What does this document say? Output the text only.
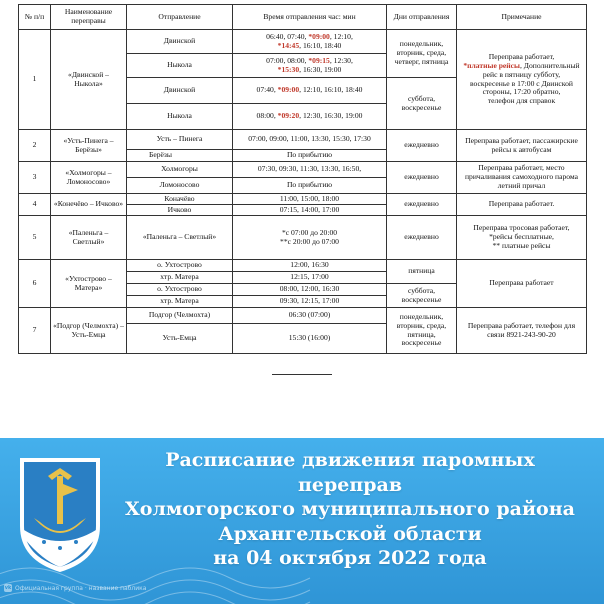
№ п/п	Наименование переправы	Отправление	Время отправления час: мин	Дни отправления	Примечание
1	«Двинской – Ныкола»	Двинской	06:40, 07:40, *09:00, 12:10,
*14:45, 16:10, 18:40	понедельник, вторник, среда, четверг, пятница	Переправа работает,
*платные рейсы, Дополнительный рейс в пятницу субботу,
воскресенье в 17:00 с Двинской стороны, 17:20 обратно,
телефон для справок
		Ныкола	07:00, 08:00, *09:15, 12:30,
*15:30, 16:30, 19:00		
		Двинской	07:40, *09:00, 12:10, 16:10, 18:40	суббота, воскресенье	
		Ныкола	08:00, *09:20, 12:30, 16:30, 19:00		
2	«Усть-Пинега – Берёзы»	Усть – Пинега	07:00, 09:00, 11:00, 13:30, 15:30, 17:30	ежедневно	Переправа работает, пассажирские рейсы к автобусам
		Берёзы	По прибытию		
3	«Холмогоры – Ломоносово»	Холмогоры	07:30, 09:30, 11:30, 13:30, 16:50,	ежедневно	Переправа работает, место причаливания самоходного парома летний причал
		Ломоносово	По прибытию		
4	«Конечёво – Ичково»	Коначёво	11:00, 15:00, 18:00	ежедневно	Переправа работает.
		Ичково	07:15, 14:00, 17:00		
5	«Паленьга – Светлый»	«Паленьга – Светлый»	*с 07:00 до 20:00
**с 20:00 до 07:00	ежедневно	Переправа тросовая работает,
*рейсы бесплатные,
** платные рейсы
6	«Ухтострово – Матера»	о. Ухтострово	12:00, 16:30	пятница	Переправа работает
		хтр. Матера	12:15, 17:00		
		о. Ухтострово	08:00, 12:00, 16:30	суббота, воскресенье	
		хтр. Матера	09:30, 12:15, 17:00		
7	«Подгор (Челмохта) – Усть-Емца	Подгор (Челмохта)	06:30 (07:00)	понедельник, вторник, среда, пятница, воскресенье	Переправа работает, телефон для связи 8921-243-90-20
		Усть-Емца	15:30 (16:00)		
Расписание движения паромных переправ
Холмогорского муниципального района
Архангельской области
на 04 октября 2022 года
vk Официальная группа · название паблика
